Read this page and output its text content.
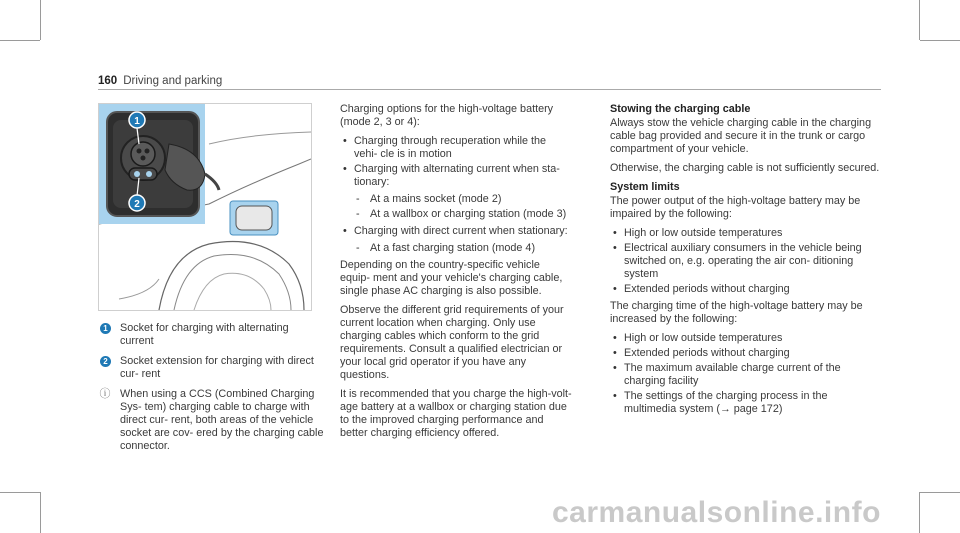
160 Driving and parking
1
2
1	Socket for charging with alternating current
2	Socket extension for charging with direct cur- rent
ⓘ When using a CCS (Combined Charging Sys- tem) charging cable to charge with direct cur- rent, both areas of the vehicle socket are cov- ered by the charging cable connector.

Charging options for the high-voltage battery (mode 2, 3 or 4):

• Charging through recuperation while the vehi- cle is in motion
• Charging with alternating current when sta- tionary:
- At a mains socket (mode 2)
- At a wallbox or charging station (mode 3)
• Charging with direct current when stationary:
- At a fast charging station (mode 4)

Depending on the country-specific vehicle equip- ment and your vehicle's charging cable, single phase AC charging is also possible.

Observe the different grid requirements of your current location when charging. Only use charging cables which conform to the grid requirements. Consult a qualified electrician or your local grid operator if you have any questions.

It is recommended that you charge the high-volt- age battery at a wallbox or charging station due to the improved charging performance and better charging efficiency offered.

Stowing the charging cable

Always stow the vehicle charging cable in the charging cable bag provided and secure it in the trunk or cargo compartment of your vehicle.

Otherwise, the charging cable is not sufficiently secured.

System limits

The power output of the high-voltage battery may be impaired by the following:

• High or low outside temperatures
• Electrical auxiliary consumers in the vehicle being switched on, e.g. operating the air con- ditioning system
• Extended periods without charging

The charging time of the high-voltage battery may be increased by the following:

• High or low outside temperatures
• Extended periods without charging
• The maximum available charge current of the charging facility
• The settings of the charging process in the multimedia system (→ page 172)
carmanualsonline.info
